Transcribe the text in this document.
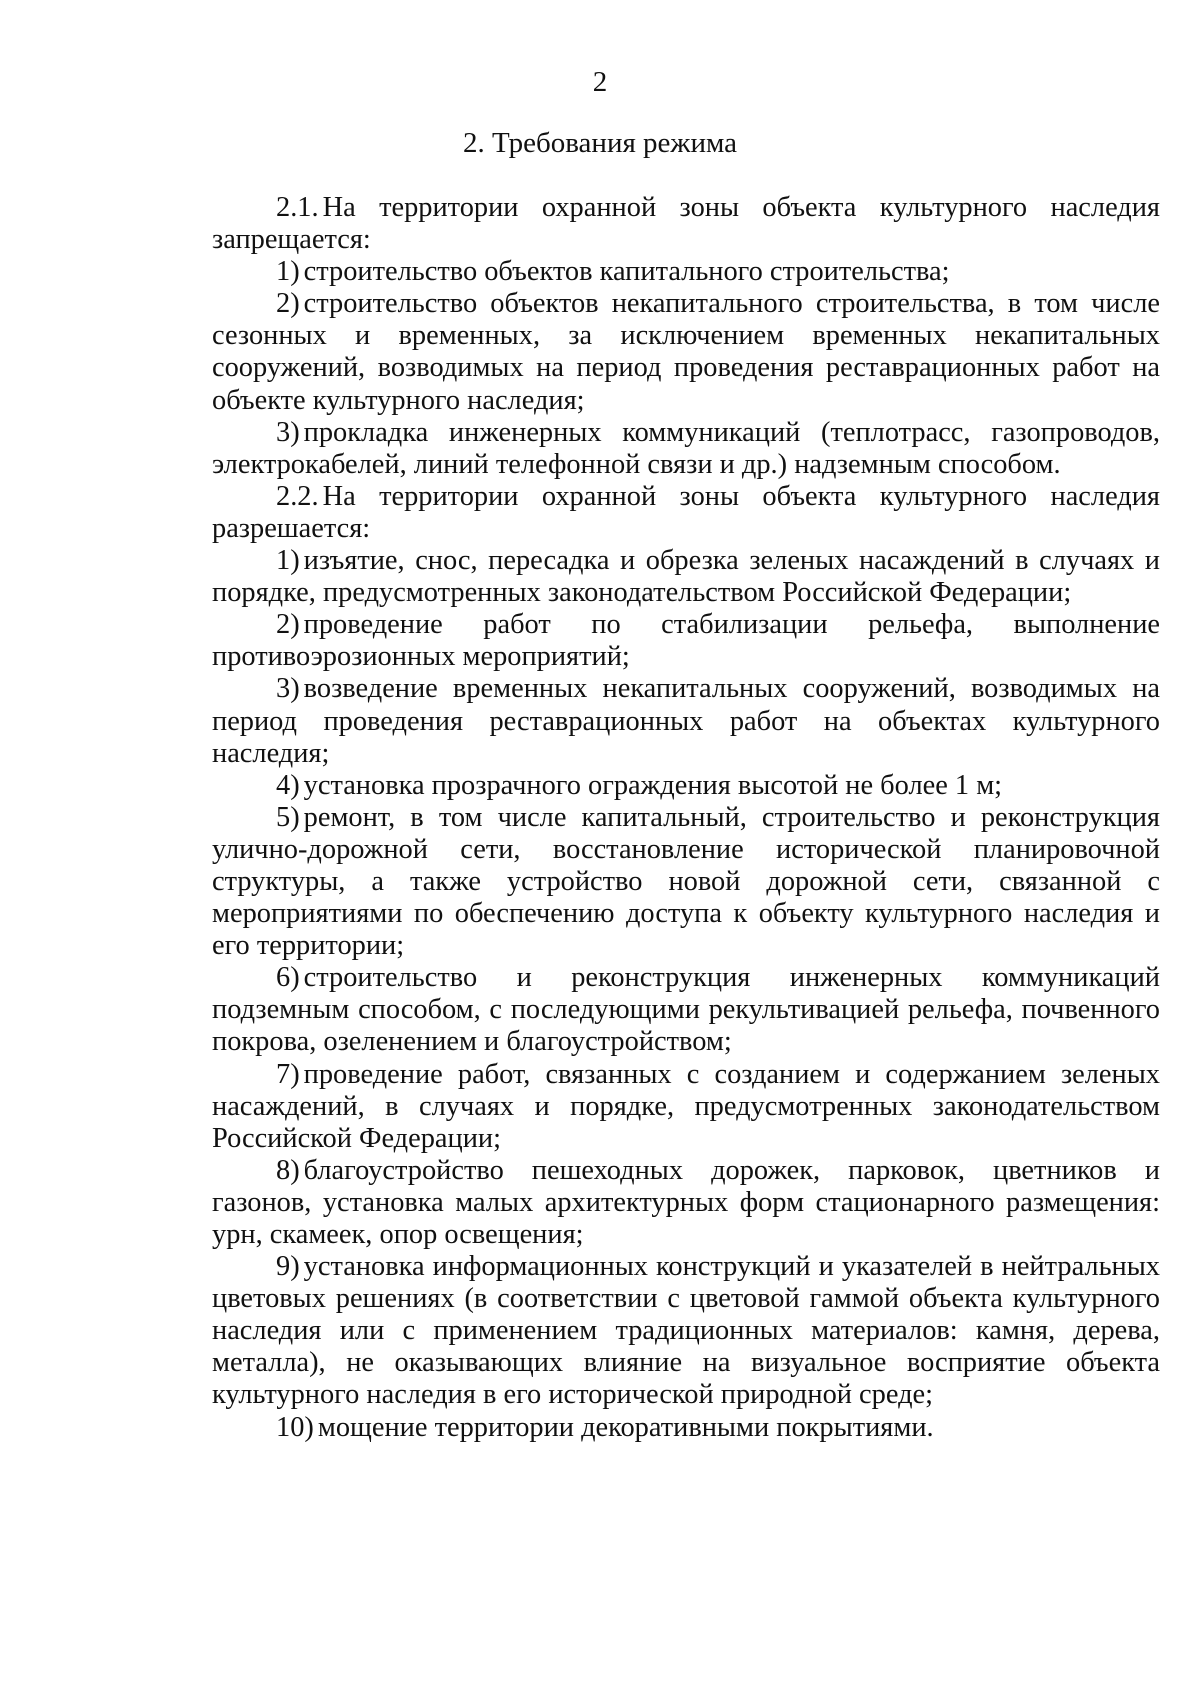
2
2. Требования режима

2.1. На территории охранной зоны объекта культурного наследия запрещается:

1) строительство объектов капитального строительства;

2) строительство объектов некапитального строительства, в том числе сезонных и временных, за исключением временных некапитальных сооружений, возводимых на период проведения реставрационных работ на объекте культурного наследия;

3) прокладка инженерных коммуникаций (теплотрасс, газопроводов, электрокабелей, линий телефонной связи и др.) надземным способом.

2.2. На территории охранной зоны объекта культурного наследия разрешается:

1) изъятие, снос, пересадка и обрезка зеленых насаждений в случаях и порядке, предусмотренных законодательством Российской Федерации;

2) проведение работ по стабилизации рельефа, выполнение противоэрозионных мероприятий;

3) возведение временных некапитальных сооружений, возводимых на период проведения реставрационных работ на объектах культурного наследия;

4) установка прозрачного ограждения высотой не более 1 м;

5) ремонт, в том числе капитальный, строительство и реконструкция улично-дорожной сети, восстановление исторической планировочной структуры, а также устройство новой дорожной сети, связанной с мероприятиями по обеспечению доступа к объекту культурного наследия и его территории;

6) строительство и реконструкция инженерных коммуникаций подземным способом, с последующими рекультивацией рельефа, почвенного покрова, озеленением и благоустройством;

7) проведение работ, связанных с созданием и содержанием зеленых насаждений, в случаях и порядке, предусмотренных законодательством Российской Федерации;

8) благоустройство пешеходных дорожек, парковок, цветников и газонов, установка малых архитектурных форм стационарного размещения: урн, скамеек, опор освещения;

9) установка информационных конструкций и указателей в нейтральных цветовых решениях (в соответствии с цветовой гаммой объекта культурного наследия или с применением традиционных материалов: камня, дерева, металла), не оказывающих влияние на визуальное восприятие объекта культурного наследия в его исторической природной среде;

10) мощение территории декоративными покрытиями.
